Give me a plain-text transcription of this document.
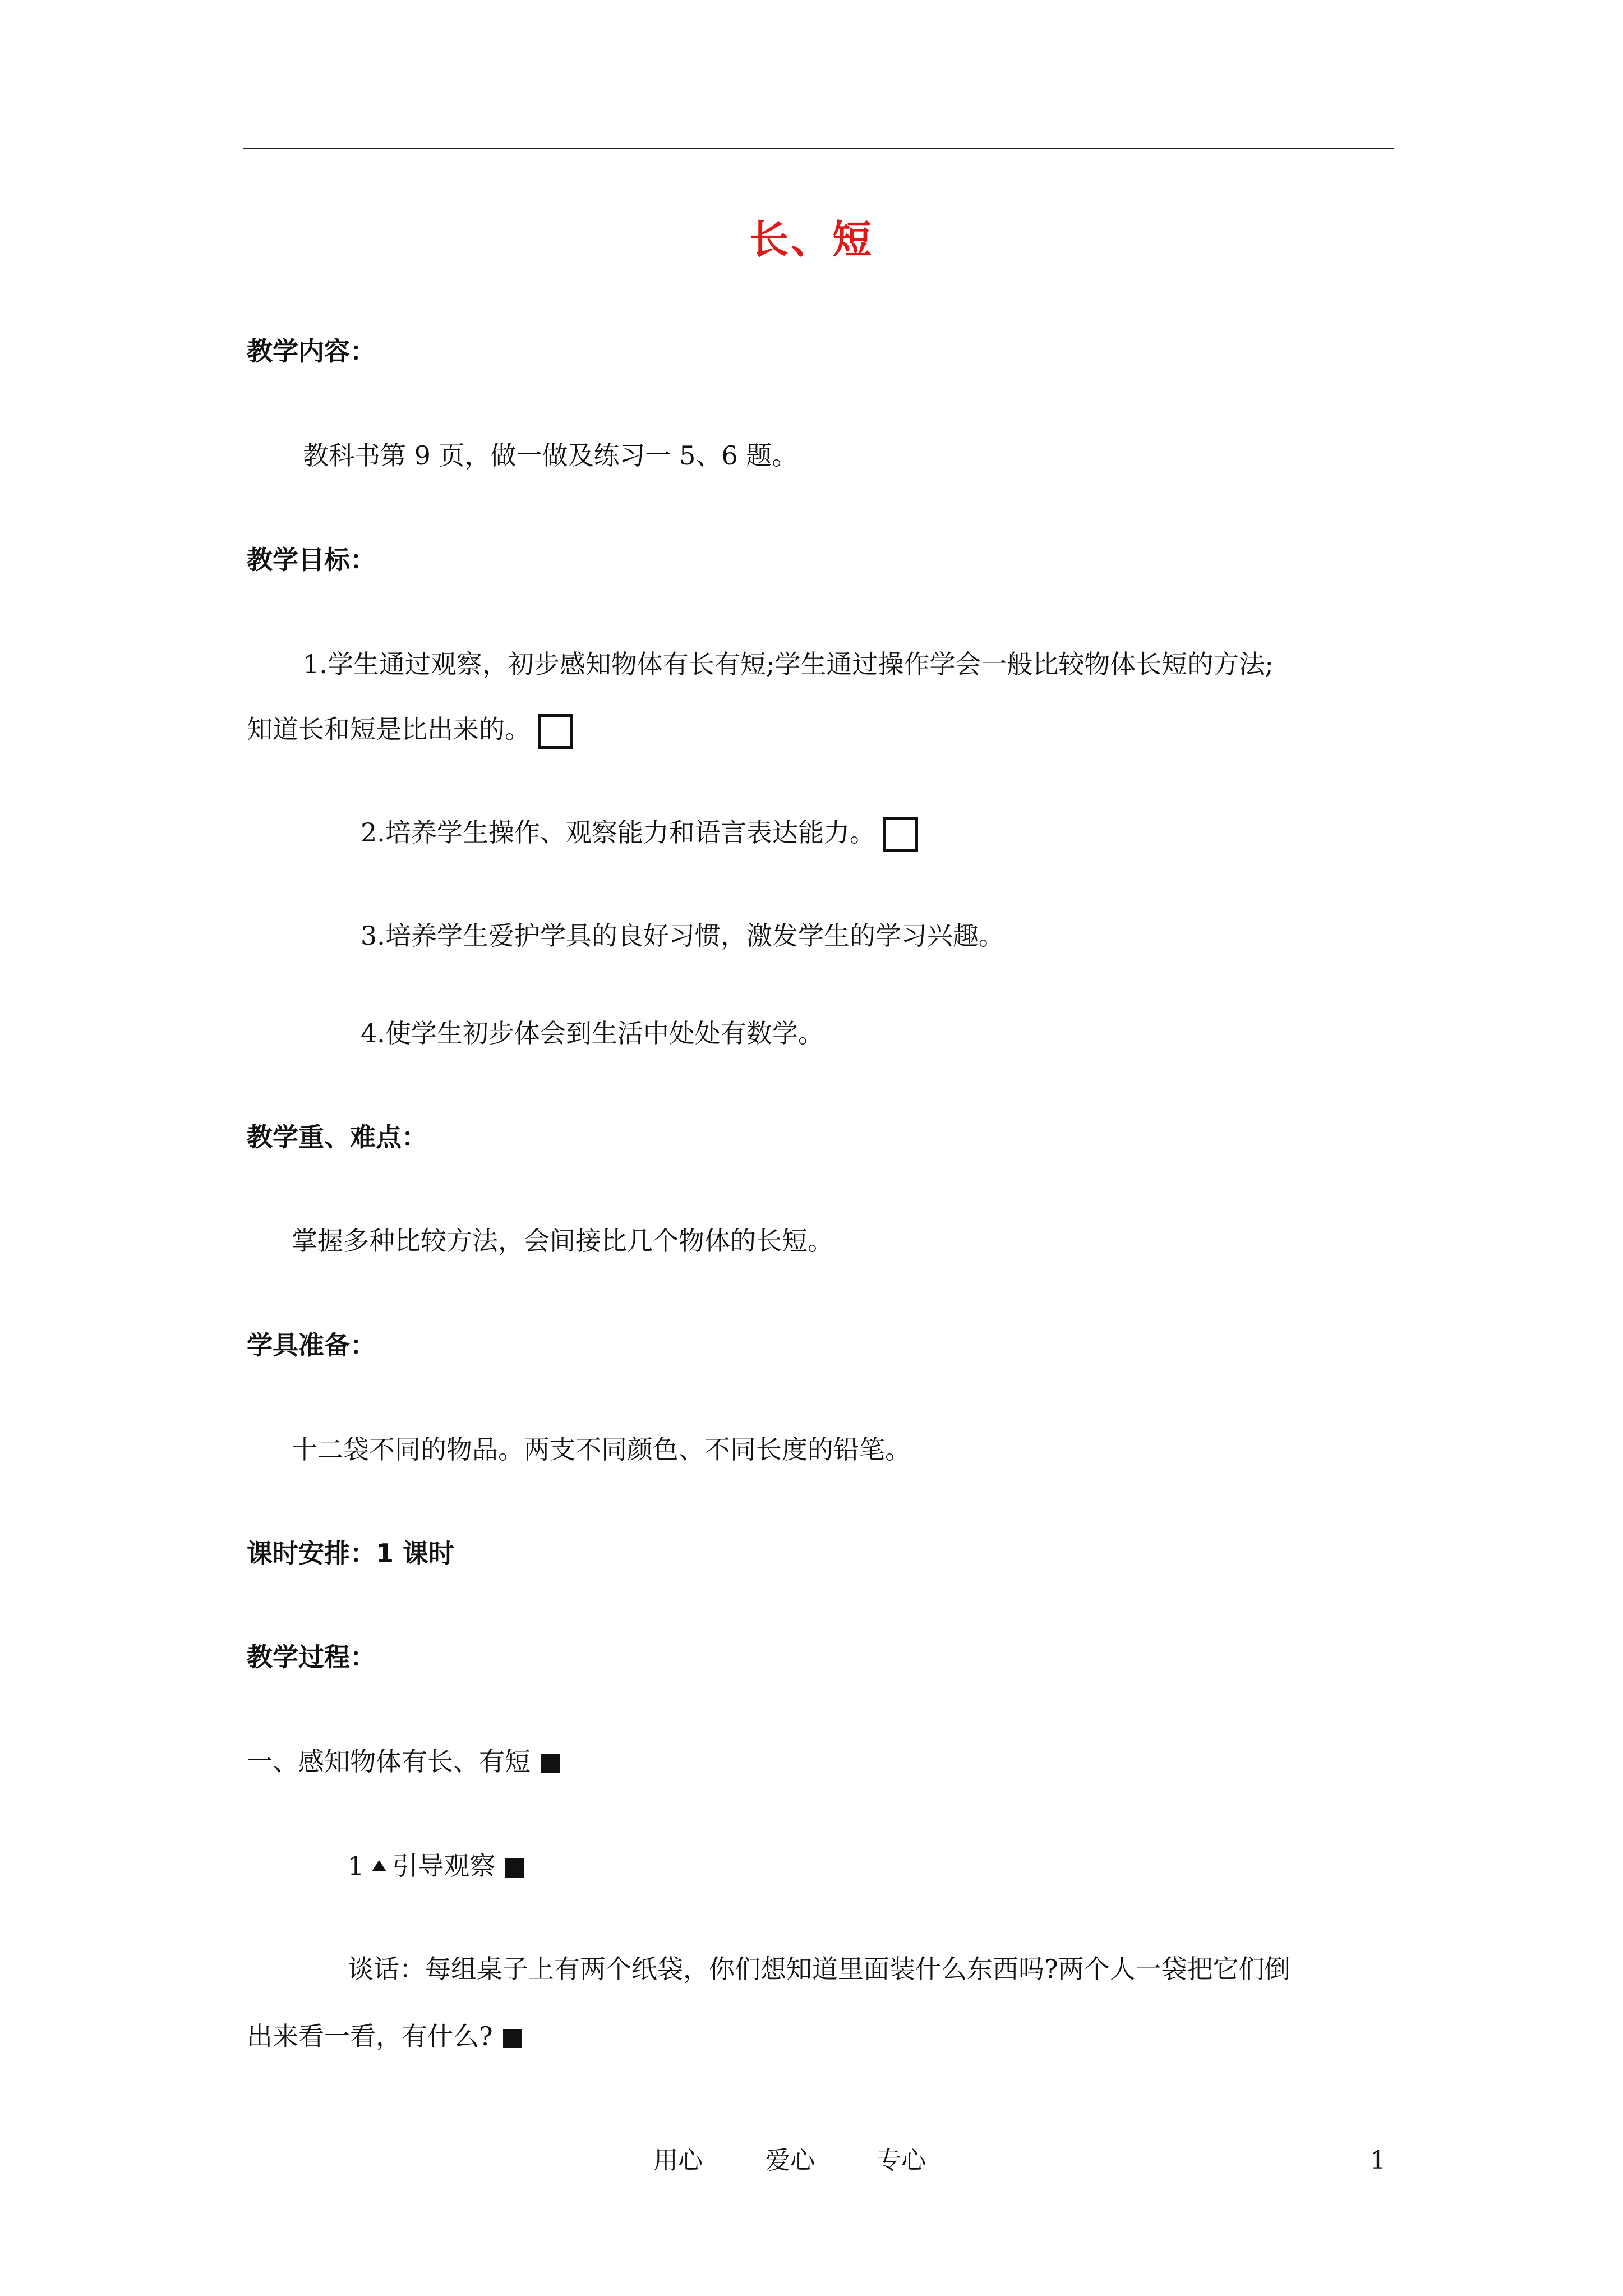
长、短
教学内容：
教科书第 9 页，做一做及练习一 5、6 题。
教学目标：
1.学生通过观察，初步感知物体有长有短;学生通过操作学会一般比较物体长短的方法;
知道长和短是比出来的。
2.培养学生操作、观察能力和语言表达能力。
3.培养学生爱护学具的良好习惯，激发学生的学习兴趣。
4.使学生初步体会到生活中处处有数学。
教学重、难点：
掌握多种比较方法，会间接比几个物体的长短。
学具准备：
十二袋不同的物品。两支不同颜色、不同长度的铅笔。
课时安排：1 课时
教学过程：
一、感知物体有长、有短
1 引导观察
谈话：每组桌子上有两个纸袋，你们想知道里面装什么东西吗?两个人一袋把它们倒
出来看一看，有什么?
用心	爱心	专心	1
